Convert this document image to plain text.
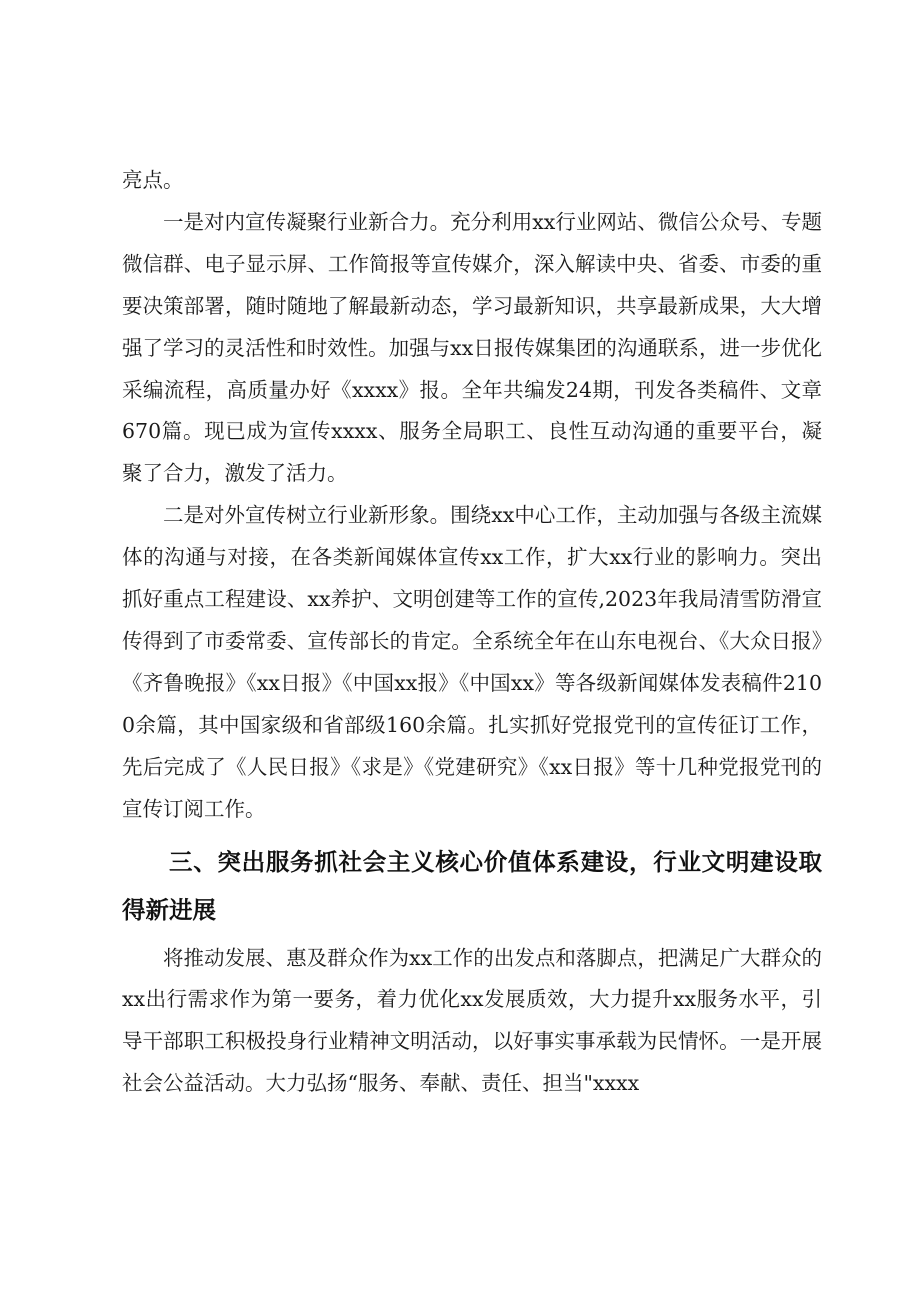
亮点。

一是对内宣传凝聚行业新合力。充分利用xx行业网站、微信公众号、专题微信群、电子显示屏、工作简报等宣传媒介，深入解读中央、省委、市委的重要决策部署，随时随地了解最新动态，学习最新知识，共享最新成果，大大增强了学习的灵活性和时效性。加强与xx日报传媒集团的沟通联系，进一步优化采编流程，高质量办好《xxxx》报。全年共编发24期，刊发各类稿件、文章670篇。现已成为宣传xxxx、服务全局职工、良性互动沟通的重要平台，凝聚了合力，激发了活力。

二是对外宣传树立行业新形象。围绕xx中心工作，主动加强与各级主流媒体的沟通与对接，在各类新闻媒体宣传xx工作，扩大xx行业的影响力。突出抓好重点工程建设、xx养护、文明创建等工作的宣传,2023年我局清雪防滑宣传得到了市委常委、宣传部长的肯定。全系统全年在山东电视台、《大众日报》《齐鲁晚报》《xx日报》《中国xx报》《中国xx》等各级新闻媒体发表稿件2100余篇，其中国家级和省部级160余篇。扎实抓好党报党刊的宣传征订工作，先后完成了《人民日报》《求是》《党建研究》《xx日报》等十几种党报党刊的宣传订阅工作。

三、突出服务抓社会主义核心价值体系建设，行业文明建设取得新进展

将推动发展、惠及群众作为xx工作的出发点和落脚点，把满足广大群众的xx出行需求作为第一要务，着力优化xx发展质效，大力提升xx服务水平，引导干部职工积极投身行业精神文明活动，以好事实事承载为民情怀。一是开展社会公益活动。大力弘扬“服务、奉献、责任、担当"xxxx
